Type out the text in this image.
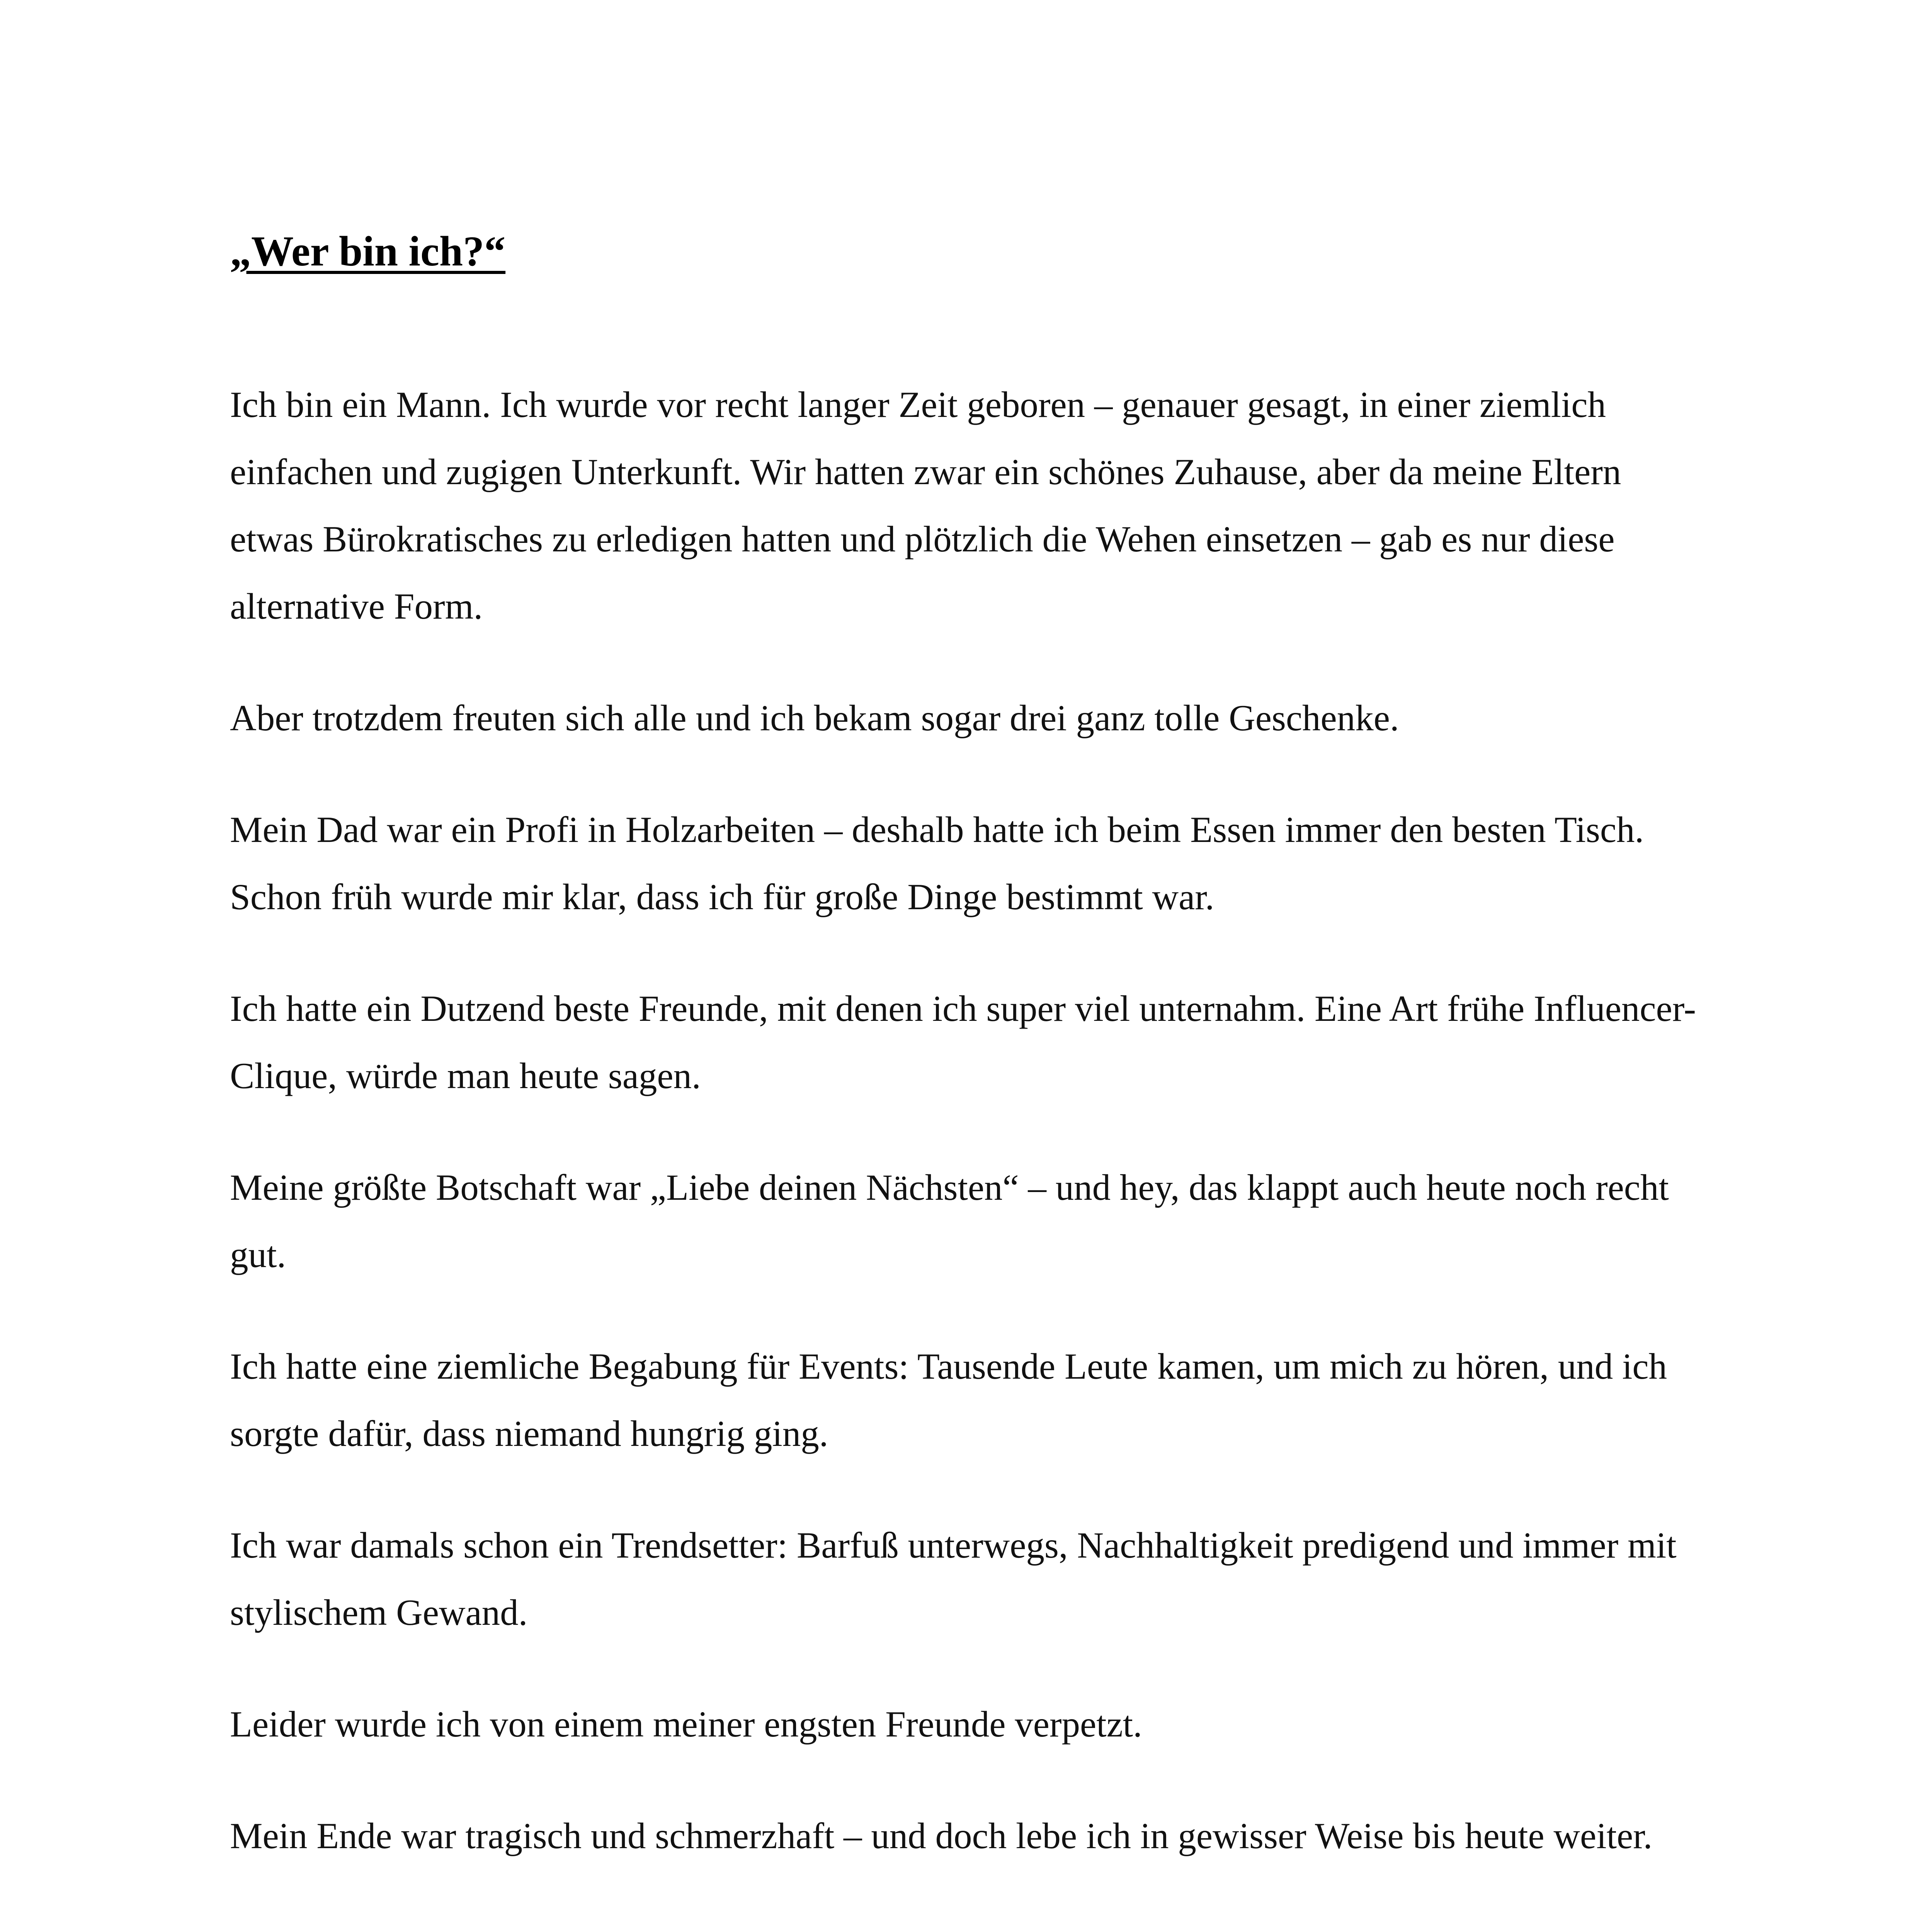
„Wer bin ich?“

Ich bin ein Mann. Ich wurde vor recht langer Zeit geboren – genauer gesagt, in einer ziemlich einfachen und zugigen Unterkunft. Wir hatten zwar ein schönes Zuhause, aber da meine Eltern etwas Bürokratisches zu erledigen hatten und plötzlich die Wehen einsetzen – gab es nur diese alternative Form.

Aber trotzdem freuten sich alle und ich bekam sogar drei ganz tolle Geschenke.

Mein Dad war ein Profi in Holzarbeiten – deshalb hatte ich beim Essen immer den besten Tisch. Schon früh wurde mir klar, dass ich für große Dinge bestimmt war.

Ich hatte ein Dutzend beste Freunde, mit denen ich super viel unternahm. Eine Art frühe Influencer-Clique, würde man heute sagen.

Meine größte Botschaft war „Liebe deinen Nächsten“ – und hey, das klappt auch heute noch recht gut.

Ich hatte eine ziemliche Begabung für Events: Tausende Leute kamen, um mich zu hören, und ich sorgte dafür, dass niemand hungrig ging.

Ich war damals schon ein Trendsetter: Barfuß unterwegs, Nachhaltigkeit predigend und immer mit stylischem Gewand.

Leider wurde ich von einem meiner engsten Freunde verpetzt.

Mein Ende war tragisch und schmerzhaft – und doch lebe ich in gewisser Weise bis heute weiter.
